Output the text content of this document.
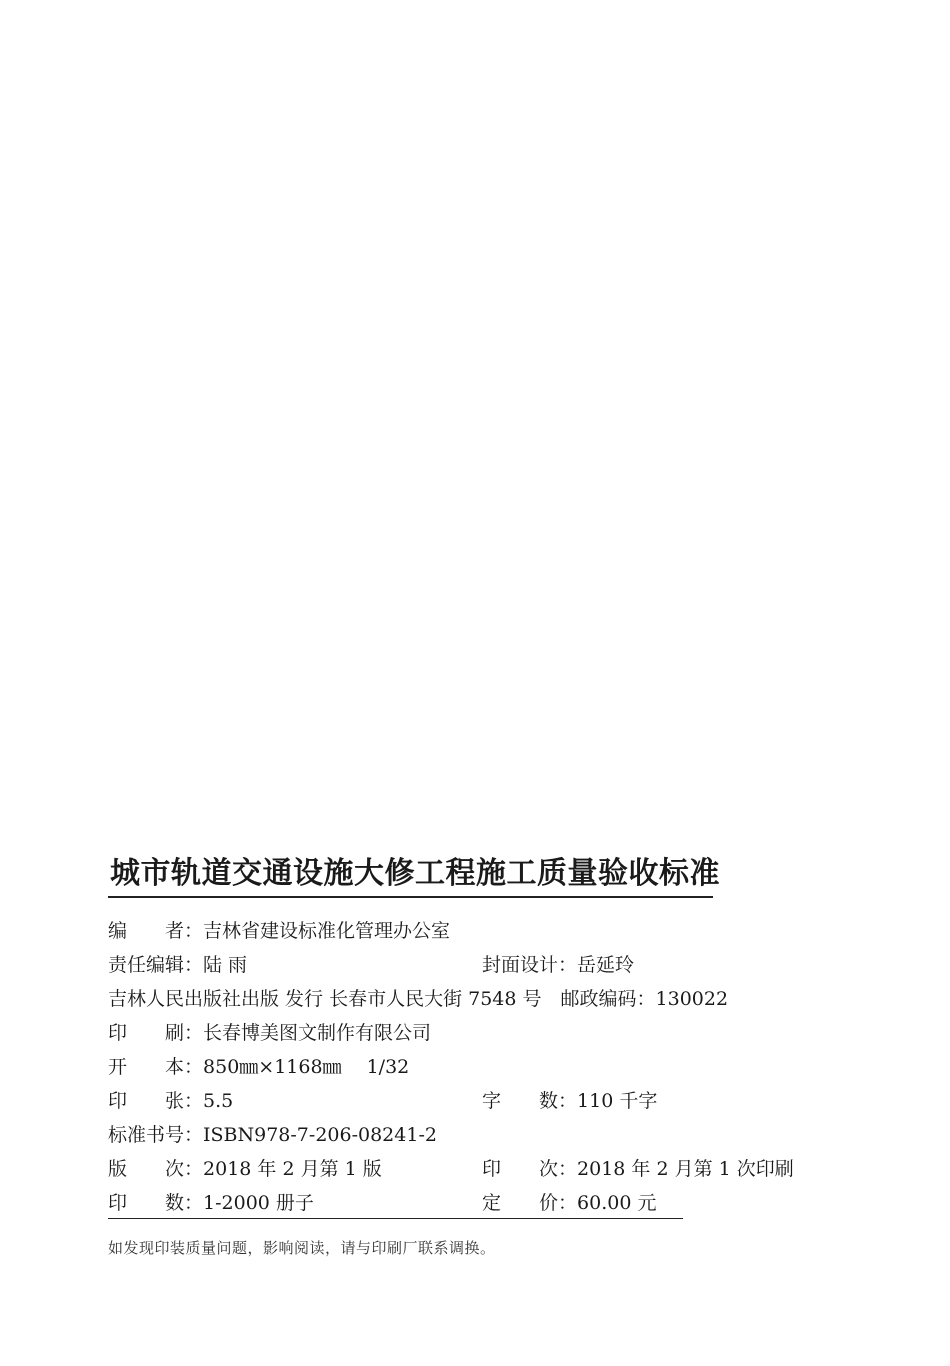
城市轨道交通设施大修工程施工质量验收标准
编　　者：吉林省建设标准化管理办公室
责任编辑：陆 雨	封面设计：岳延玲
吉林人民出版社出版 发行 长春市人民大街 7548 号　邮政编码：130022
印　　刷：长春博美图文制作有限公司
开　　本：850㎜×1168㎜　 1/32
印　　张：5.5	字　　数：110 千字
标准书号：ISBN978-7-206-08241-2
版　　次：2018 年 2 月第 1 版	印　　次：2018 年 2 月第 1 次印刷
印　　数：1-2000 册子	定　　价：60.00 元
如发现印装质量问题，影响阅读，请与印刷厂联系调换。
